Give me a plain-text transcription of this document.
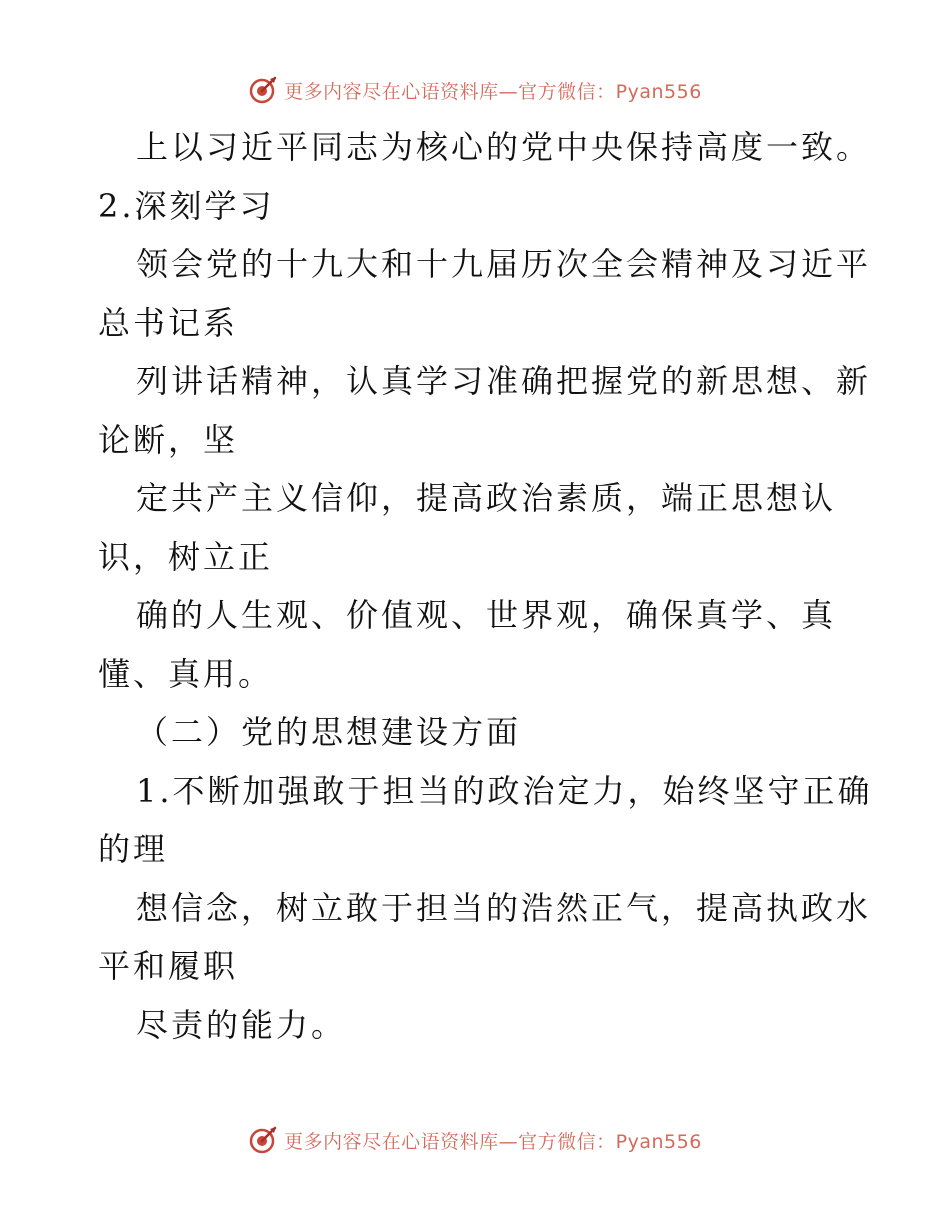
更多内容尽在心语资料库—官方微信：Pyan556
上以习近平同志为核心的党中央保持高度一致。
2.深刻学习
领会党的十九大和十九届历次全会精神及习近平
总书记系
列讲话精神，认真学习准确把握党的新思想、新
论断，坚
定共产主义信仰，提高政治素质，端正思想认
识，树立正
确的人生观、价值观、世界观，确保真学、真
懂、真用。
（二）党的思想建设方面
1.不断加强敢于担当的政治定力，始终坚守正确
的理
想信念，树立敢于担当的浩然正气，提高执政水
平和履职
尽责的能力。
更多内容尽在心语资料库—官方微信：Pyan556
